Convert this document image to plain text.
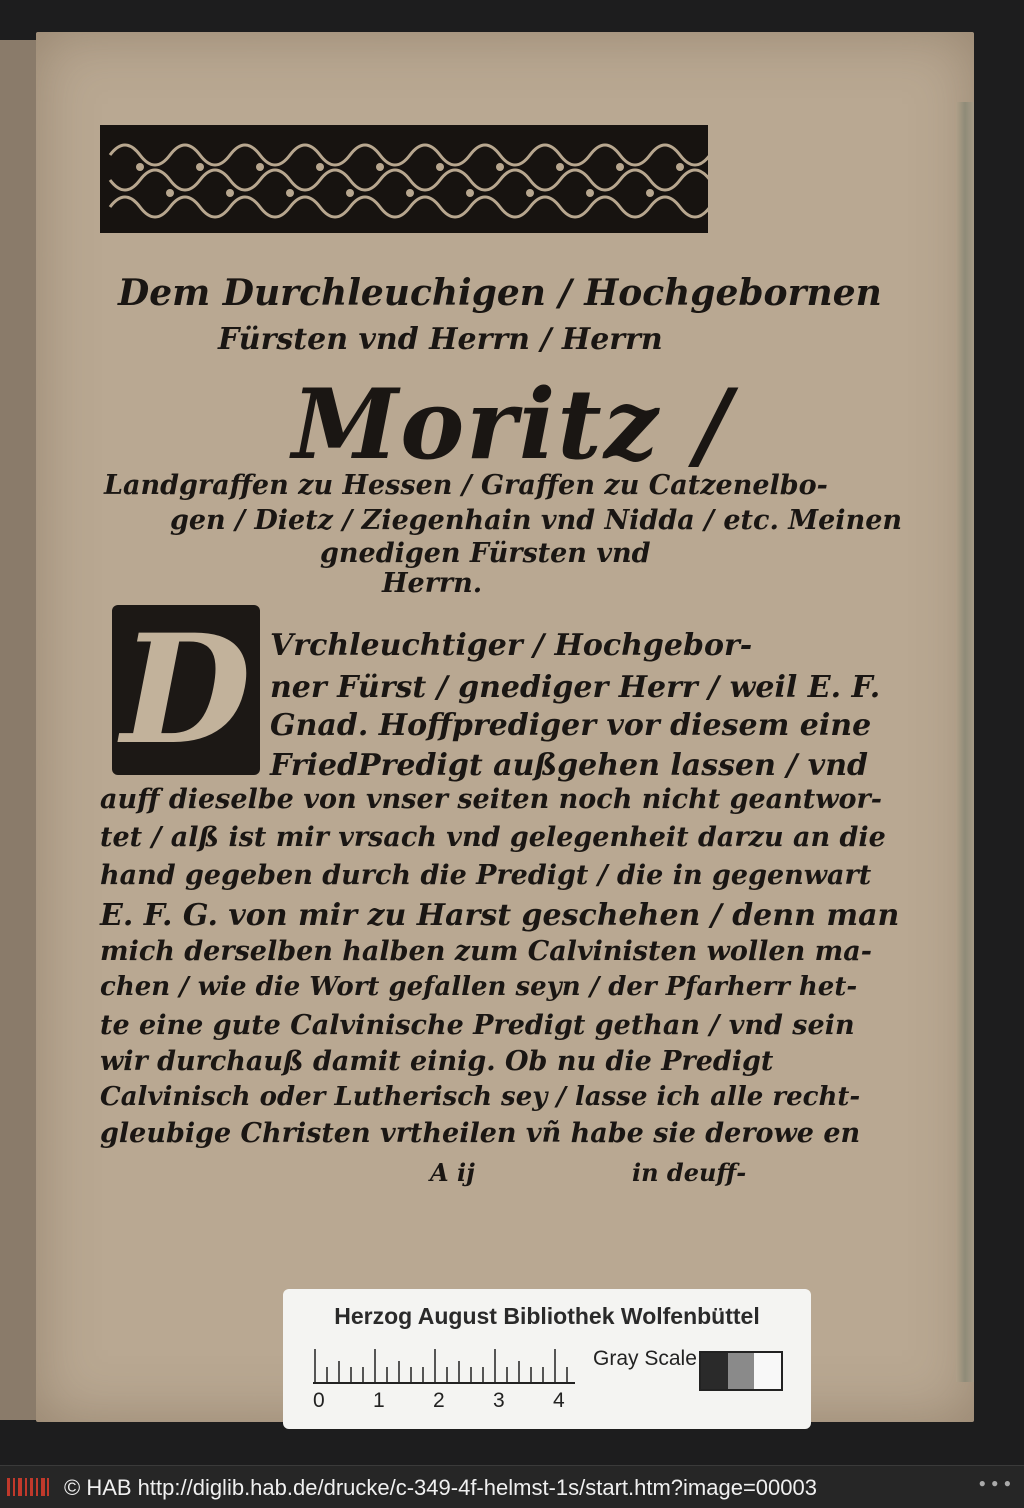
Dem Durchleuchigen / Hochgebornen
Fürsten vnd Herrn / Herrn
Moritz /
Landgraffen zu Hessen / Graffen zu Catzenelbo-
gen / Dietz / Ziegenhain vnd Nidda / etc. Meinen
gnedigen Fürsten vnd
Herrn.
D Vrchleuchtiger / Hochgebor-
ner Fürst / gnediger Herr / weil E. F.
Gnad. Hoffprediger vor diesem eine
FriedPredigt außgehen lassen / vnd
auff dieselbe von vnser seiten noch nicht geantwor-
tet / alß ist mir vrsach vnd gelegenheit darzu an die
hand gegeben durch die Predigt / die in gegenwart
E. F. G. von mir zu Harst geschehen / denn man
mich derselben halben zum Calvinisten wollen ma-
chen / wie die Wort gefallen seyn / der Pfarherr het-
te eine gute Calvinische Predigt gethan / vnd sein
wir durchauß damit einig. Ob nu die Predigt
Calvinisch oder Lutherisch sey / lasse ich alle recht-
gleubige Christen vrtheilen vñ habe sie derowe en
A ij	in deuff-
Herzog August Bibliothek Wolfenbüttel
0 1 2 3 4
Gray Scale
© HAB http://diglib.hab.de/drucke/c-349-4f-helmst-1s/start.htm?image=00003	● ● ●
